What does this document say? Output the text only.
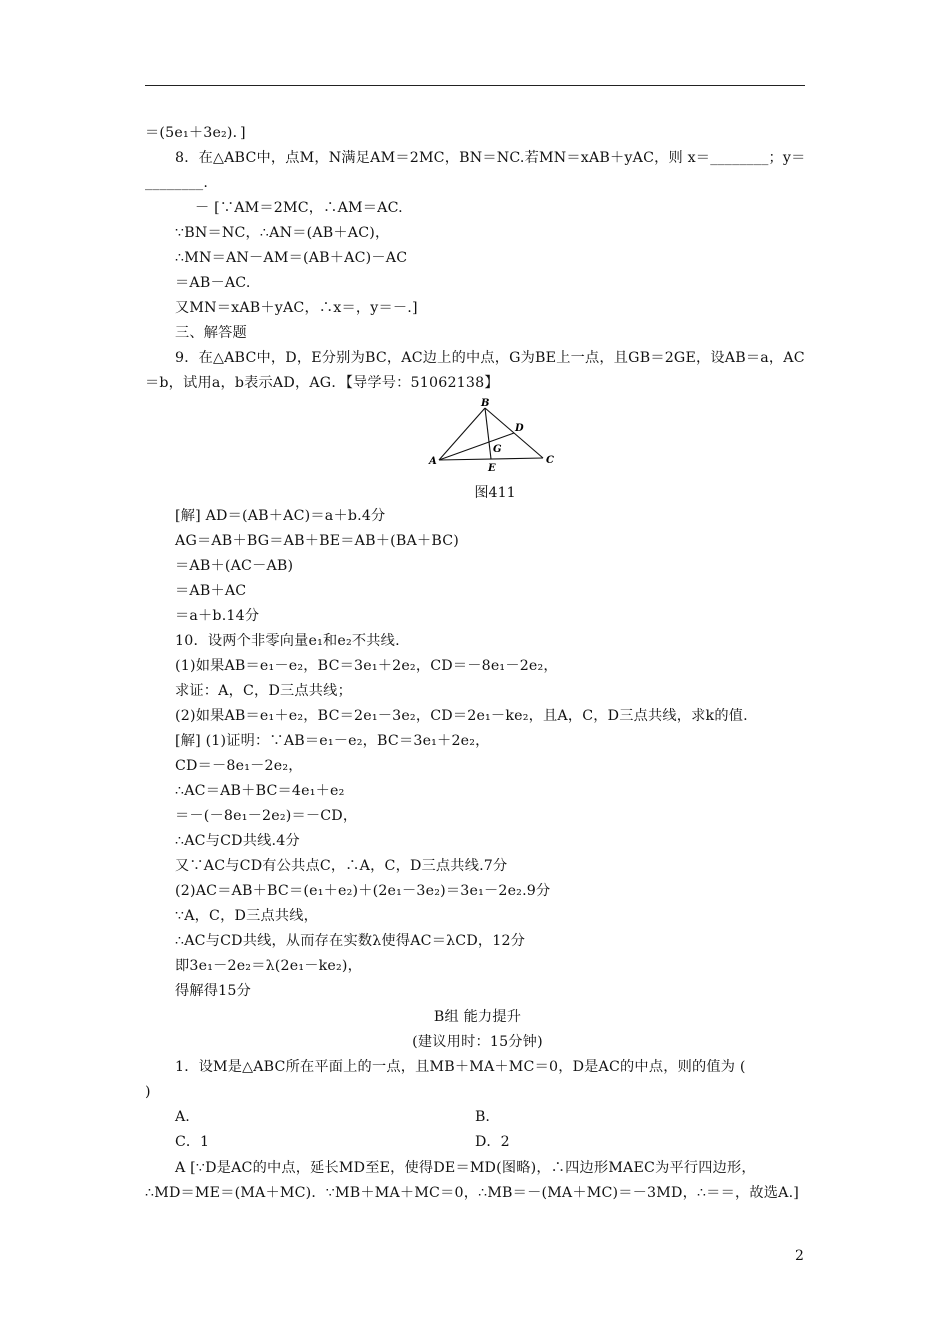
＝(5e₁＋3e₂)．]
8．在△ABC中，点M，N满足AM＝2MC，BN＝NC.若MN＝xAB＋yAC，则 x＝________；y＝
________.
－ [∵AM＝2MC，∴AM＝AC.
∵BN＝NC，∴AN＝(AB＋AC)，
∴MN＝AN－AM＝(AB＋AC)－AC
＝AB－AC.
又MN＝xAB＋yAC，∴x＝，y＝－.]
三、解答题
9．在△ABC中，D，E分别为BC，AC边上的中点，G为BE上一点，且GB＝2GE，设AB＝a，AC
＝b，试用a，b表示AD，AG．【导学号：51062138】
A
B
C
D
E
G
图411
[解] AD＝(AB＋AC)＝a＋b.4分
AG＝AB＋BG＝AB＋BE＝AB＋(BA＋BC)
＝AB＋(AC－AB)
＝AB＋AC
＝a＋b.14分
10．设两个非零向量e₁和e₂不共线.
(1)如果AB＝e₁－e₂，BC＝3e₁＋2e₂，CD＝－8e₁－2e₂，
求证：A，C，D三点共线；
(2)如果AB＝e₁＋e₂，BC＝2e₁－3e₂，CD＝2e₁－ke₂，且A，C，D三点共线，求k的值.
[解] (1)证明：∵AB＝e₁－e₂，BC＝3e₁＋2e₂，
CD＝－8e₁－2e₂，
∴AC＝AB＋BC＝4e₁＋e₂
＝－(－8e₁－2e₂)＝－CD，
∴AC与CD共线.4分
又∵AC与CD有公共点C，∴A，C，D三点共线.7分
(2)AC＝AB＋BC＝(e₁＋e₂)＋(2e₁－3e₂)＝3e₁－2e₂.9分
∵A，C，D三点共线，
∴AC与CD共线，从而存在实数λ使得AC＝λCD，12分
即3e₁－2e₂＝λ(2e₁－ke₂)，
得解得15分
B组 能力提升
(建议用时：15分钟)
1．设M是△ABC所在平面上的一点，且MB＋MA＋MC＝0，D是AC的中点，则的值为 (
)
A.	B.
C．1	D．2
A [∵D是AC的中点，延长MD至E，使得DE＝MD(图略)，∴四边形MAEC为平行四边形，
∴MD＝ME＝(MA＋MC)．∵MB＋MA＋MC＝0，∴MB＝－(MA＋MC)＝－3MD，∴＝＝，故选A.]
2
